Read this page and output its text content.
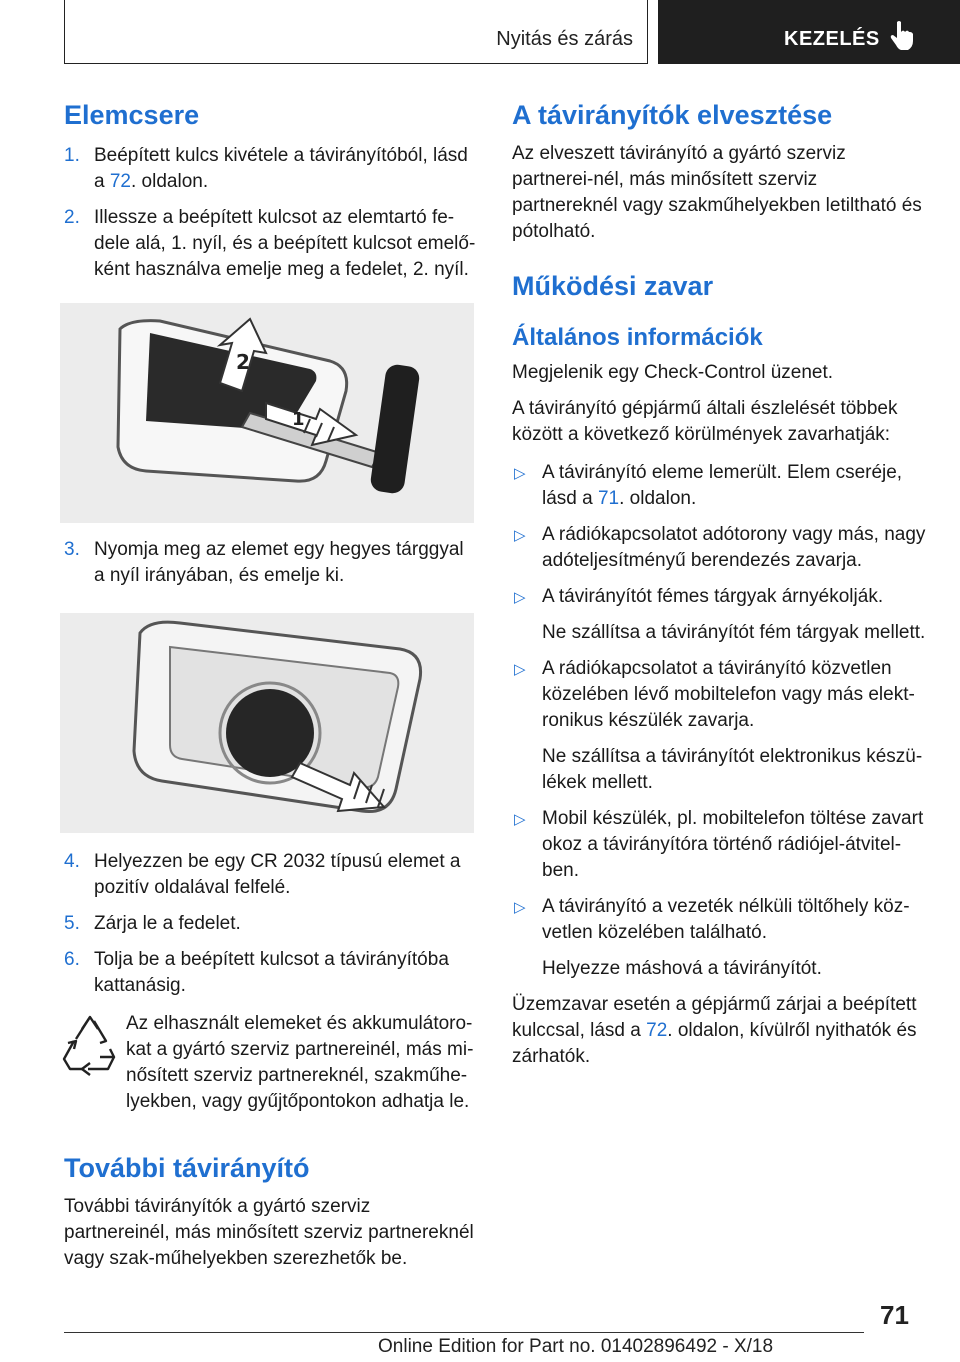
Nyitás és zárás	KEZELÉS
Elemcsere
1. Beépített kulcs kivétele a távirányítóból, lásd a 72. oldalon.
2. Illessze a beépített kulcsot az elemtartó fe‐dele alá, 1. nyíl, és a beépített kulcsot emelő‐ként használva emelje meg a fedelet, 2. nyíl.
2
1
3. Nyomja meg az elemet egy hegyes tárggyal a nyíl irányában, és emelje ki.
4. Helyezzen be egy CR 2032 típusú elemet a pozitív oldalával felfelé.
5. Zárja le a fedelet.
6. Tolja be a beépített kulcsot a távirányítóba kattanásig.
Az elhasznált elemeket és akkumulátoro‐kat a gyártó szerviz partnereinél, más mi‐nősített szerviz partnereknél, szakműhe‐lyekben, vagy gyűjtőpontokon adhatja le.
További távirányító

További távirányítók a gyártó szerviz partnereinél, más minősített szerviz partnereknél vagy szak‐műhelyekben szerezhetők be.

A távirányítók elvesztése

Az elveszett távirányító a gyártó szerviz partnerei‐nél, más minősített szerviz partnereknél vagy szakműhelyekben letiltható és pótolható.

Működési zavar
Általános információk

Megjelenik egy Check-Control üzenet.

A távirányító gépjármű általi észlelését többek között a következő körülmények zavarhatják:

▷ A távirányító eleme lemerült. Elem cseréje, lásd a 71. oldalon.
▷ A rádiókapcsolatot adótorony vagy más, nagy adóteljesítményű berendezés zavarja.
▷ A távirányítót fémes tárgyak árnyékolják.
Ne szállítsa a távirányítót fém tárgyak mellett.
▷ A rádiókapcsolatot a távirányító közvetlen közelében lévő mobiltelefon vagy más elekt‐ronikus készülék zavarja.
Ne szállítsa a távirányítót elektronikus készü‐lékek mellett.
▷ Mobil készülék, pl. mobiltelefon töltése zavart okoz a távirányítóra történő rádiójel-átvitel‐ben.
▷ A távirányító a vezeték nélküli töltőhely köz‐vetlen közelében található.
Helyezze máshová a távirányítót.

Üzemzavar esetén a gépjármű zárjai a beépített kulccsal, lásd a 72. oldalon, kívülről nyithatók és zárhatók.

71
Online Edition for Part no. 01402896492 - X/18
